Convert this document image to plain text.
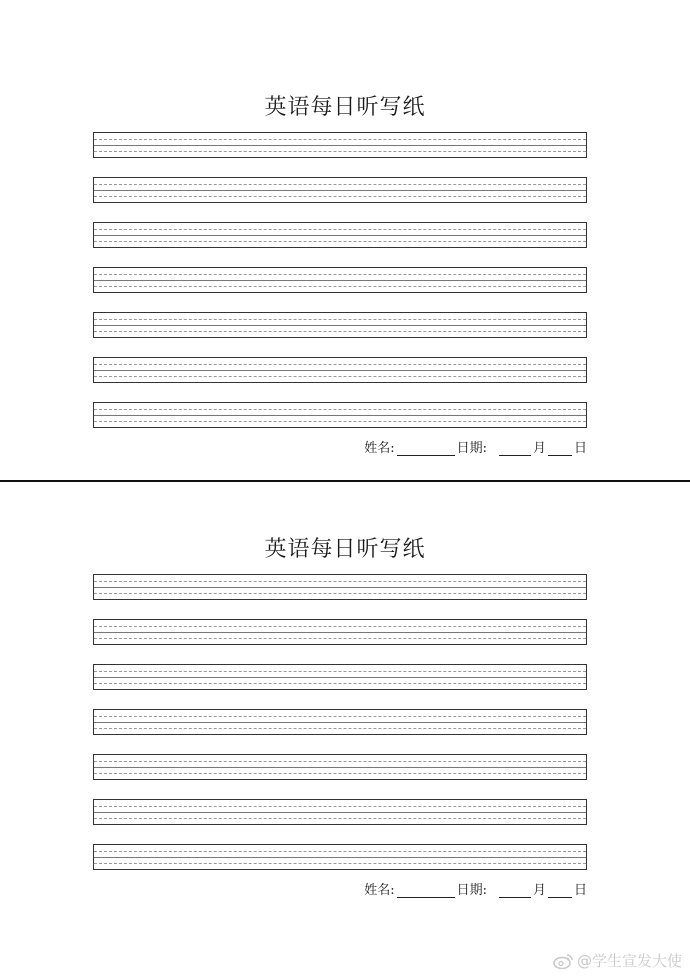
英语每日听写纸
姓名:	日期:	月 日
英语每日听写纸
姓名:	日期:	月 日
@学生宣发大使
